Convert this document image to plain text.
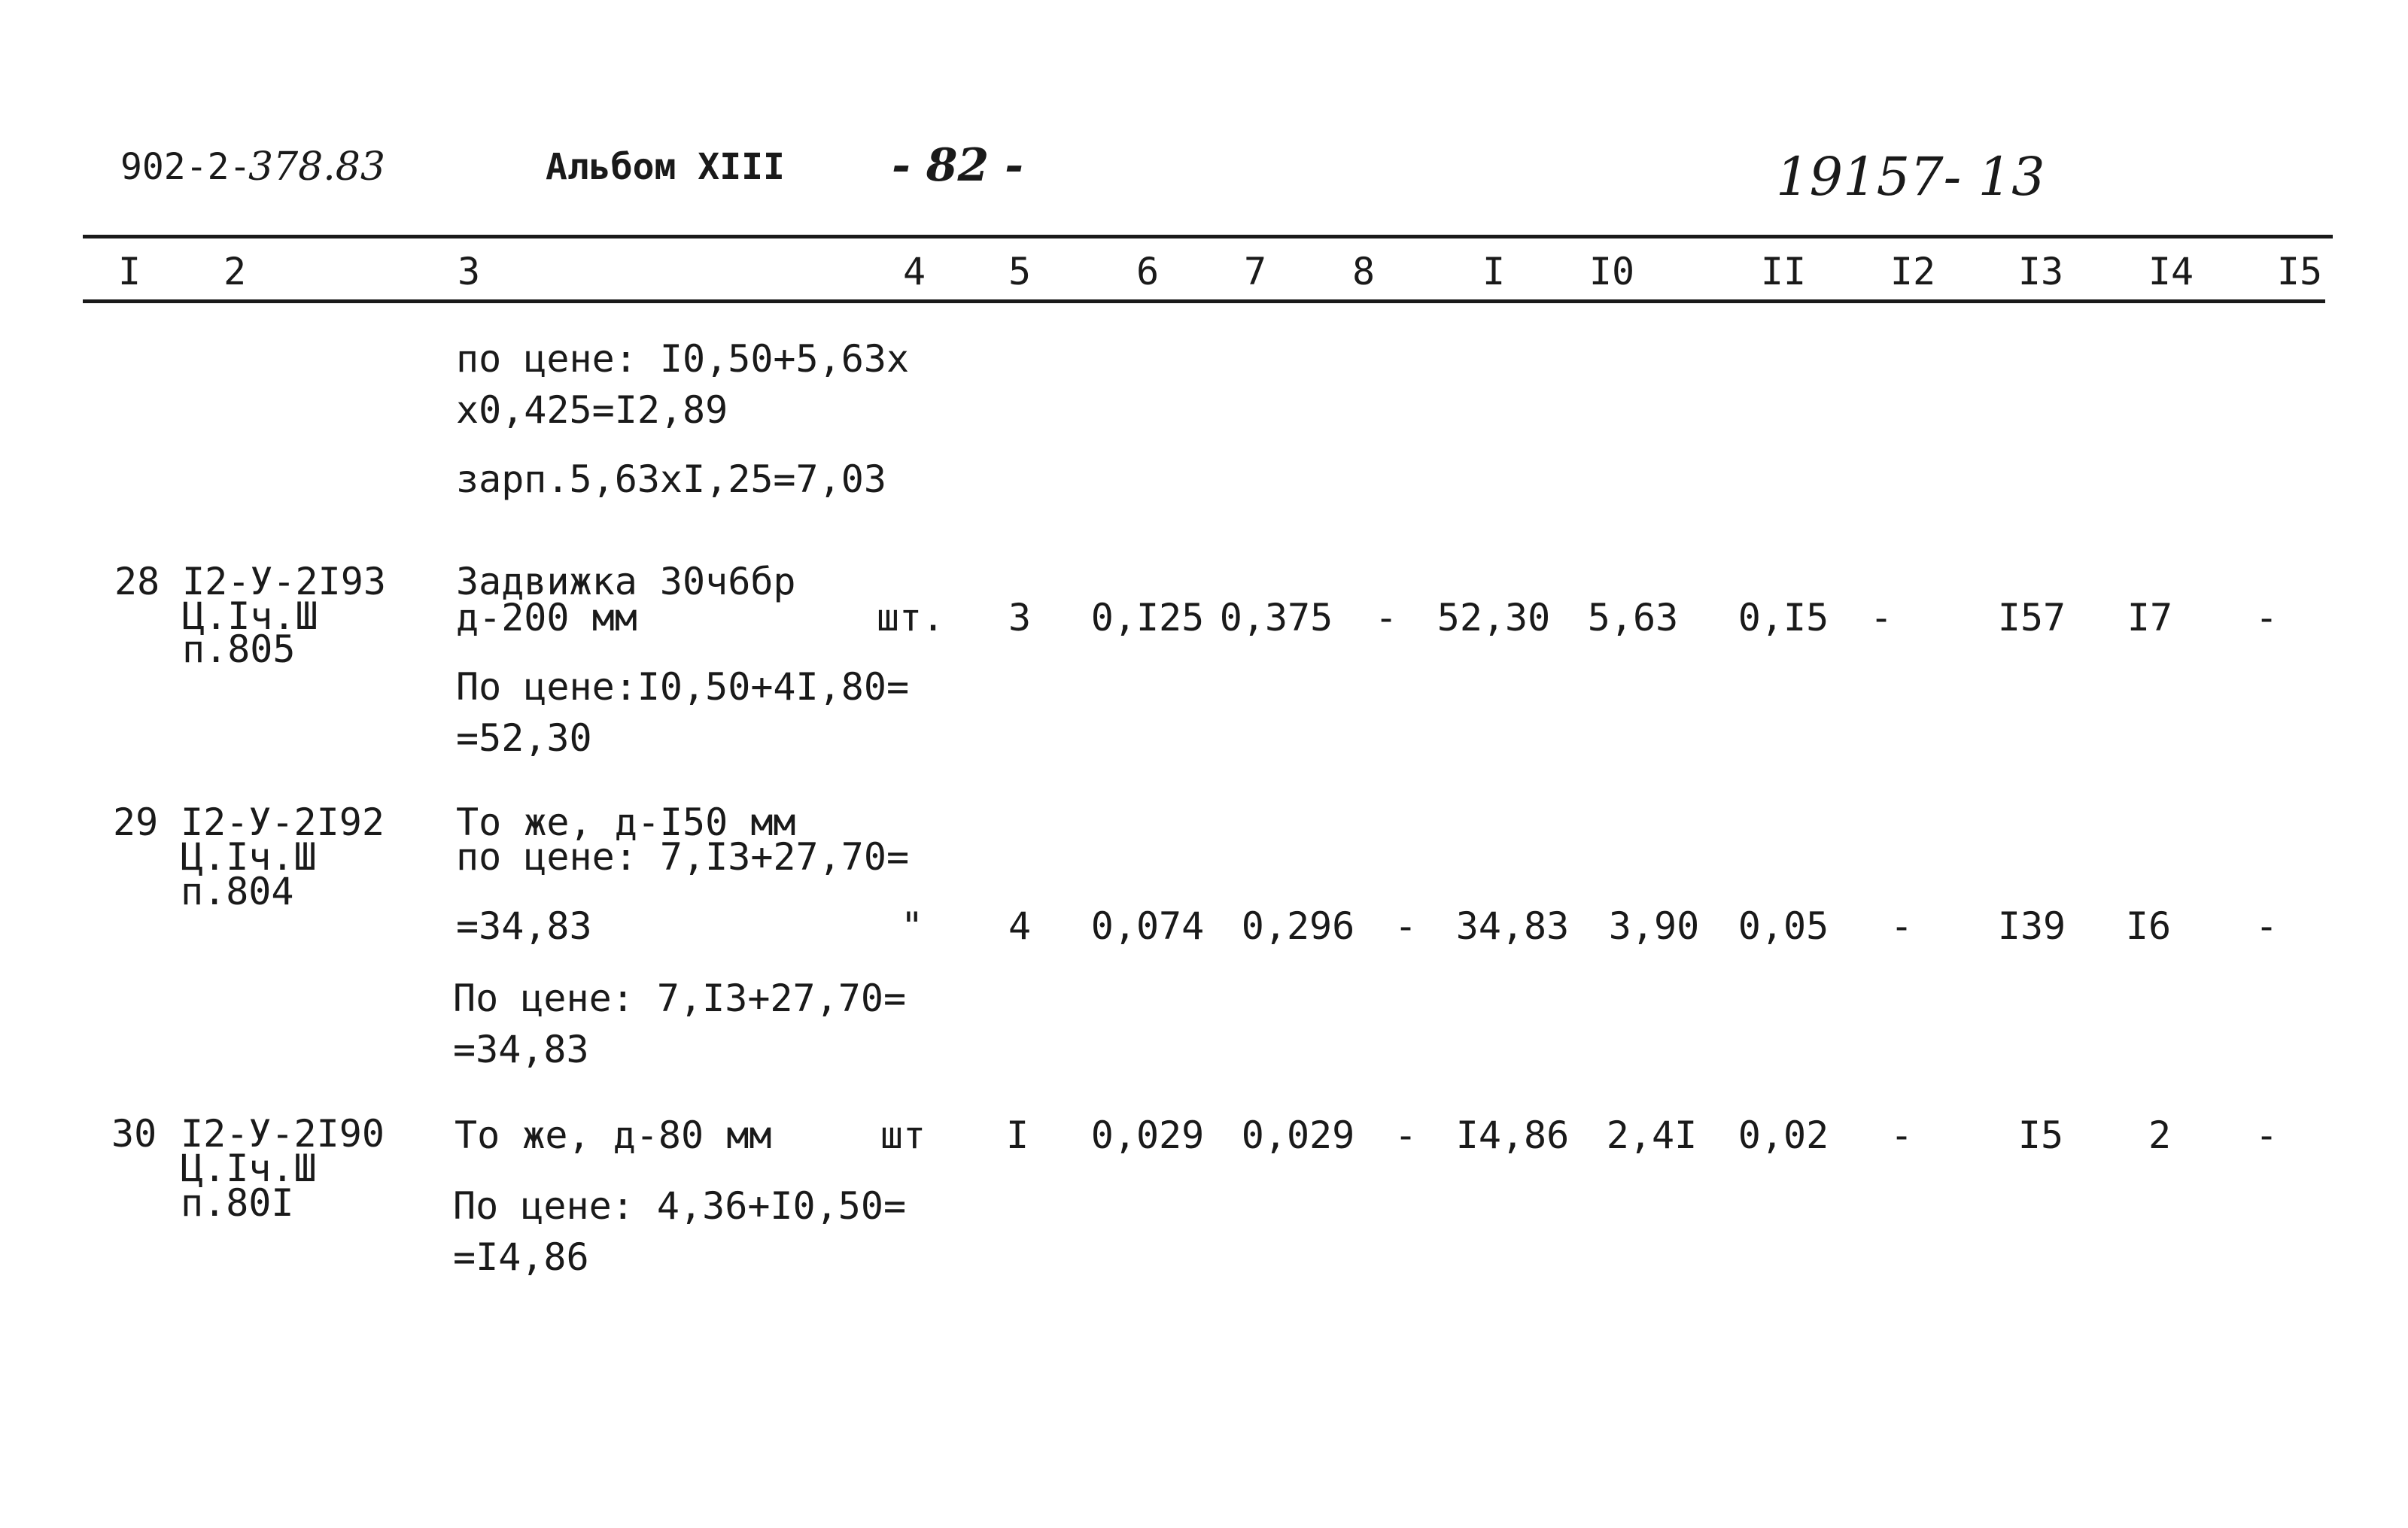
902-2-
378.83	Альбом XIII - 82 -	19157- 13
I 2	3	4 5	6 7 8	I I0	II I2 I3 I4 I5
по цене: I0,50+5,63x
x0,425=I2,89
зарп.5,63xI,25=7,03
28 I2-У-2I93
Ц.Iч.Ш
п.805
Задвижка 30ч6бр
д-200 мм	шт. 3 0,I25 0,375 - 52,30 5,63 0,I5 -	I57 I7 -
По цене:I0,50+4I,80=
=52,30
29 I2-У-2I92
Ц.Iч.Ш
п.804
То же, д-I50 мм
по цене: 7,I3+27,70=
=34,83	" 4 0,074 0,296 - 34,83 3,90 0,05 - I39 I6 -
По цене: 7,I3+27,70=
=34,83
30 I2-У-2I90
Ц.Iч.Ш
п.80I
То же, д-80 мм	шт I 0,029 0,029 - I4,86 2,4I 0,02 -	I5 2 -
По цене: 4,36+I0,50=
=I4,86
